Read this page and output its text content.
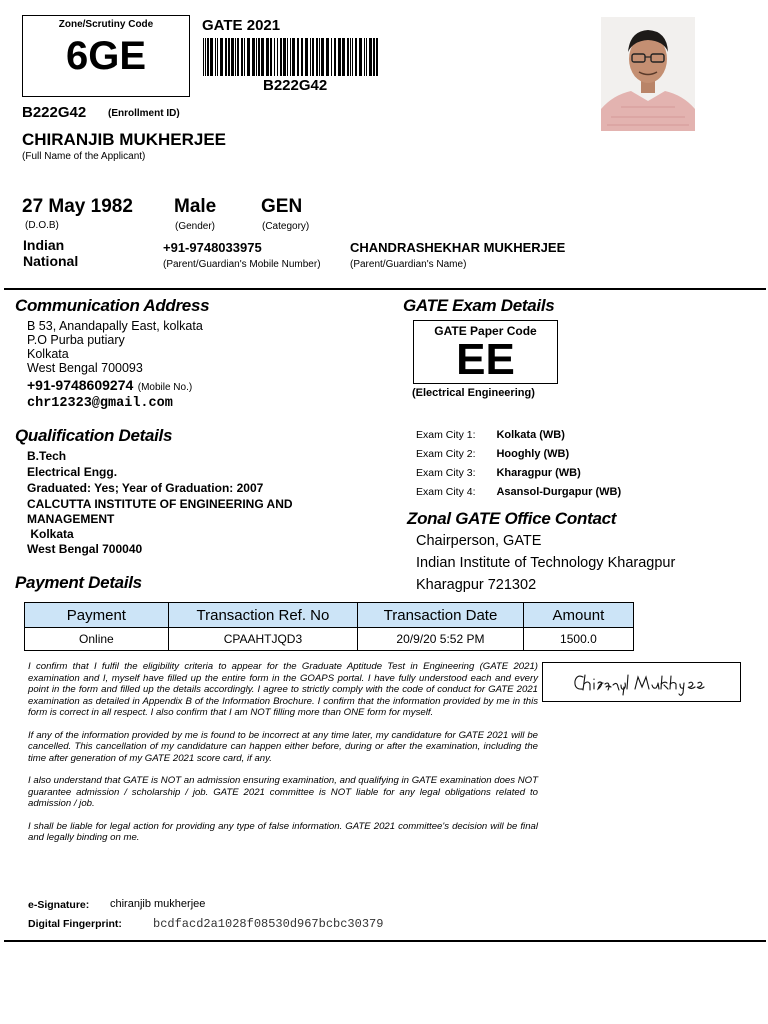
Zone/Scrutiny Code
6GE
GATE 2021
B222G42
B222G42 (Enrollment ID)
CHIRANJIB MUKHERJEE
(Full Name of the Applicant)
27 May 1982
(D.O.B)
Male
(Gender)
GEN
(Category)
Indian
National
+91-9748033975
(Parent/Guardian's Mobile Number)
CHANDRASHEKHAR MUKHERJEE
(Parent/Guardian's Name)
Communication Address
B 53, Anandapally East, kolkata
P.O Purba putiary
Kolkata
West Bengal 700093
+91-9748609274 (Mobile No.)
chr12323@gmail.com
Qualification Details
B.Tech
Electrical Engg.
Graduated: Yes; Year of Graduation: 2007
CALCUTTA INSTITUTE OF ENGINEERING AND
MANAGEMENT
Kolkata
West Bengal 700040
GATE Exam Details
GATE Paper Code
EE
(Electrical Engineering)
Exam City 1: Kolkata (WB)
Exam City 2: Hooghly (WB)
Exam City 3: Kharagpur (WB)
Exam City 4: Asansol-Durgapur (WB)
Zonal GATE Office Contact
Chairperson, GATE
Indian Institute of Technology Kharagpur
Kharagpur 721302
Payment Details
Payment	Transaction Ref. No	Transaction Date	Amount
Online	CPAAHTJQD3	20/9/20 5:52 PM	1500.0

I confirm that I fulfil the eligibility criteria to appear for the Graduate Aptitude Test in Engineering (GATE 2021) examination and I, myself have filled up the entire form in the GOAPS portal. I have fully understood each and every point in the form and filled up the details accordingly. I agree to strictly comply with the code of conduct for GATE 2021 examination as detailed in Appendix B of the Information Brochure. I confirm that the information provided by me in this form is correct in all respect. I also confirm that I am NOT filling more than ONE form for myself.

If any of the information provided by me is found to be incorrect at any time later, my candidature for GATE 2021 will be cancelled. This cancellation of my candidature can happen either before, during or after the examination, including the time after generation of my GATE 2021 score card, if any.

I also understand that GATE is NOT an admission ensuring examination, and qualifying in GATE examination does NOT guarantee admission / scholarship / job. GATE 2021 committee is NOT liable for any legal obligations related to admission / job.

I shall be liable for legal action for providing any type of false information. GATE 2021 committee's decision will be final and legally binding on me.

e-Signature: chiranjib mukherjee
Digital Fingerprint:	bcdfacd2a1028f08530d967bcbc30379
